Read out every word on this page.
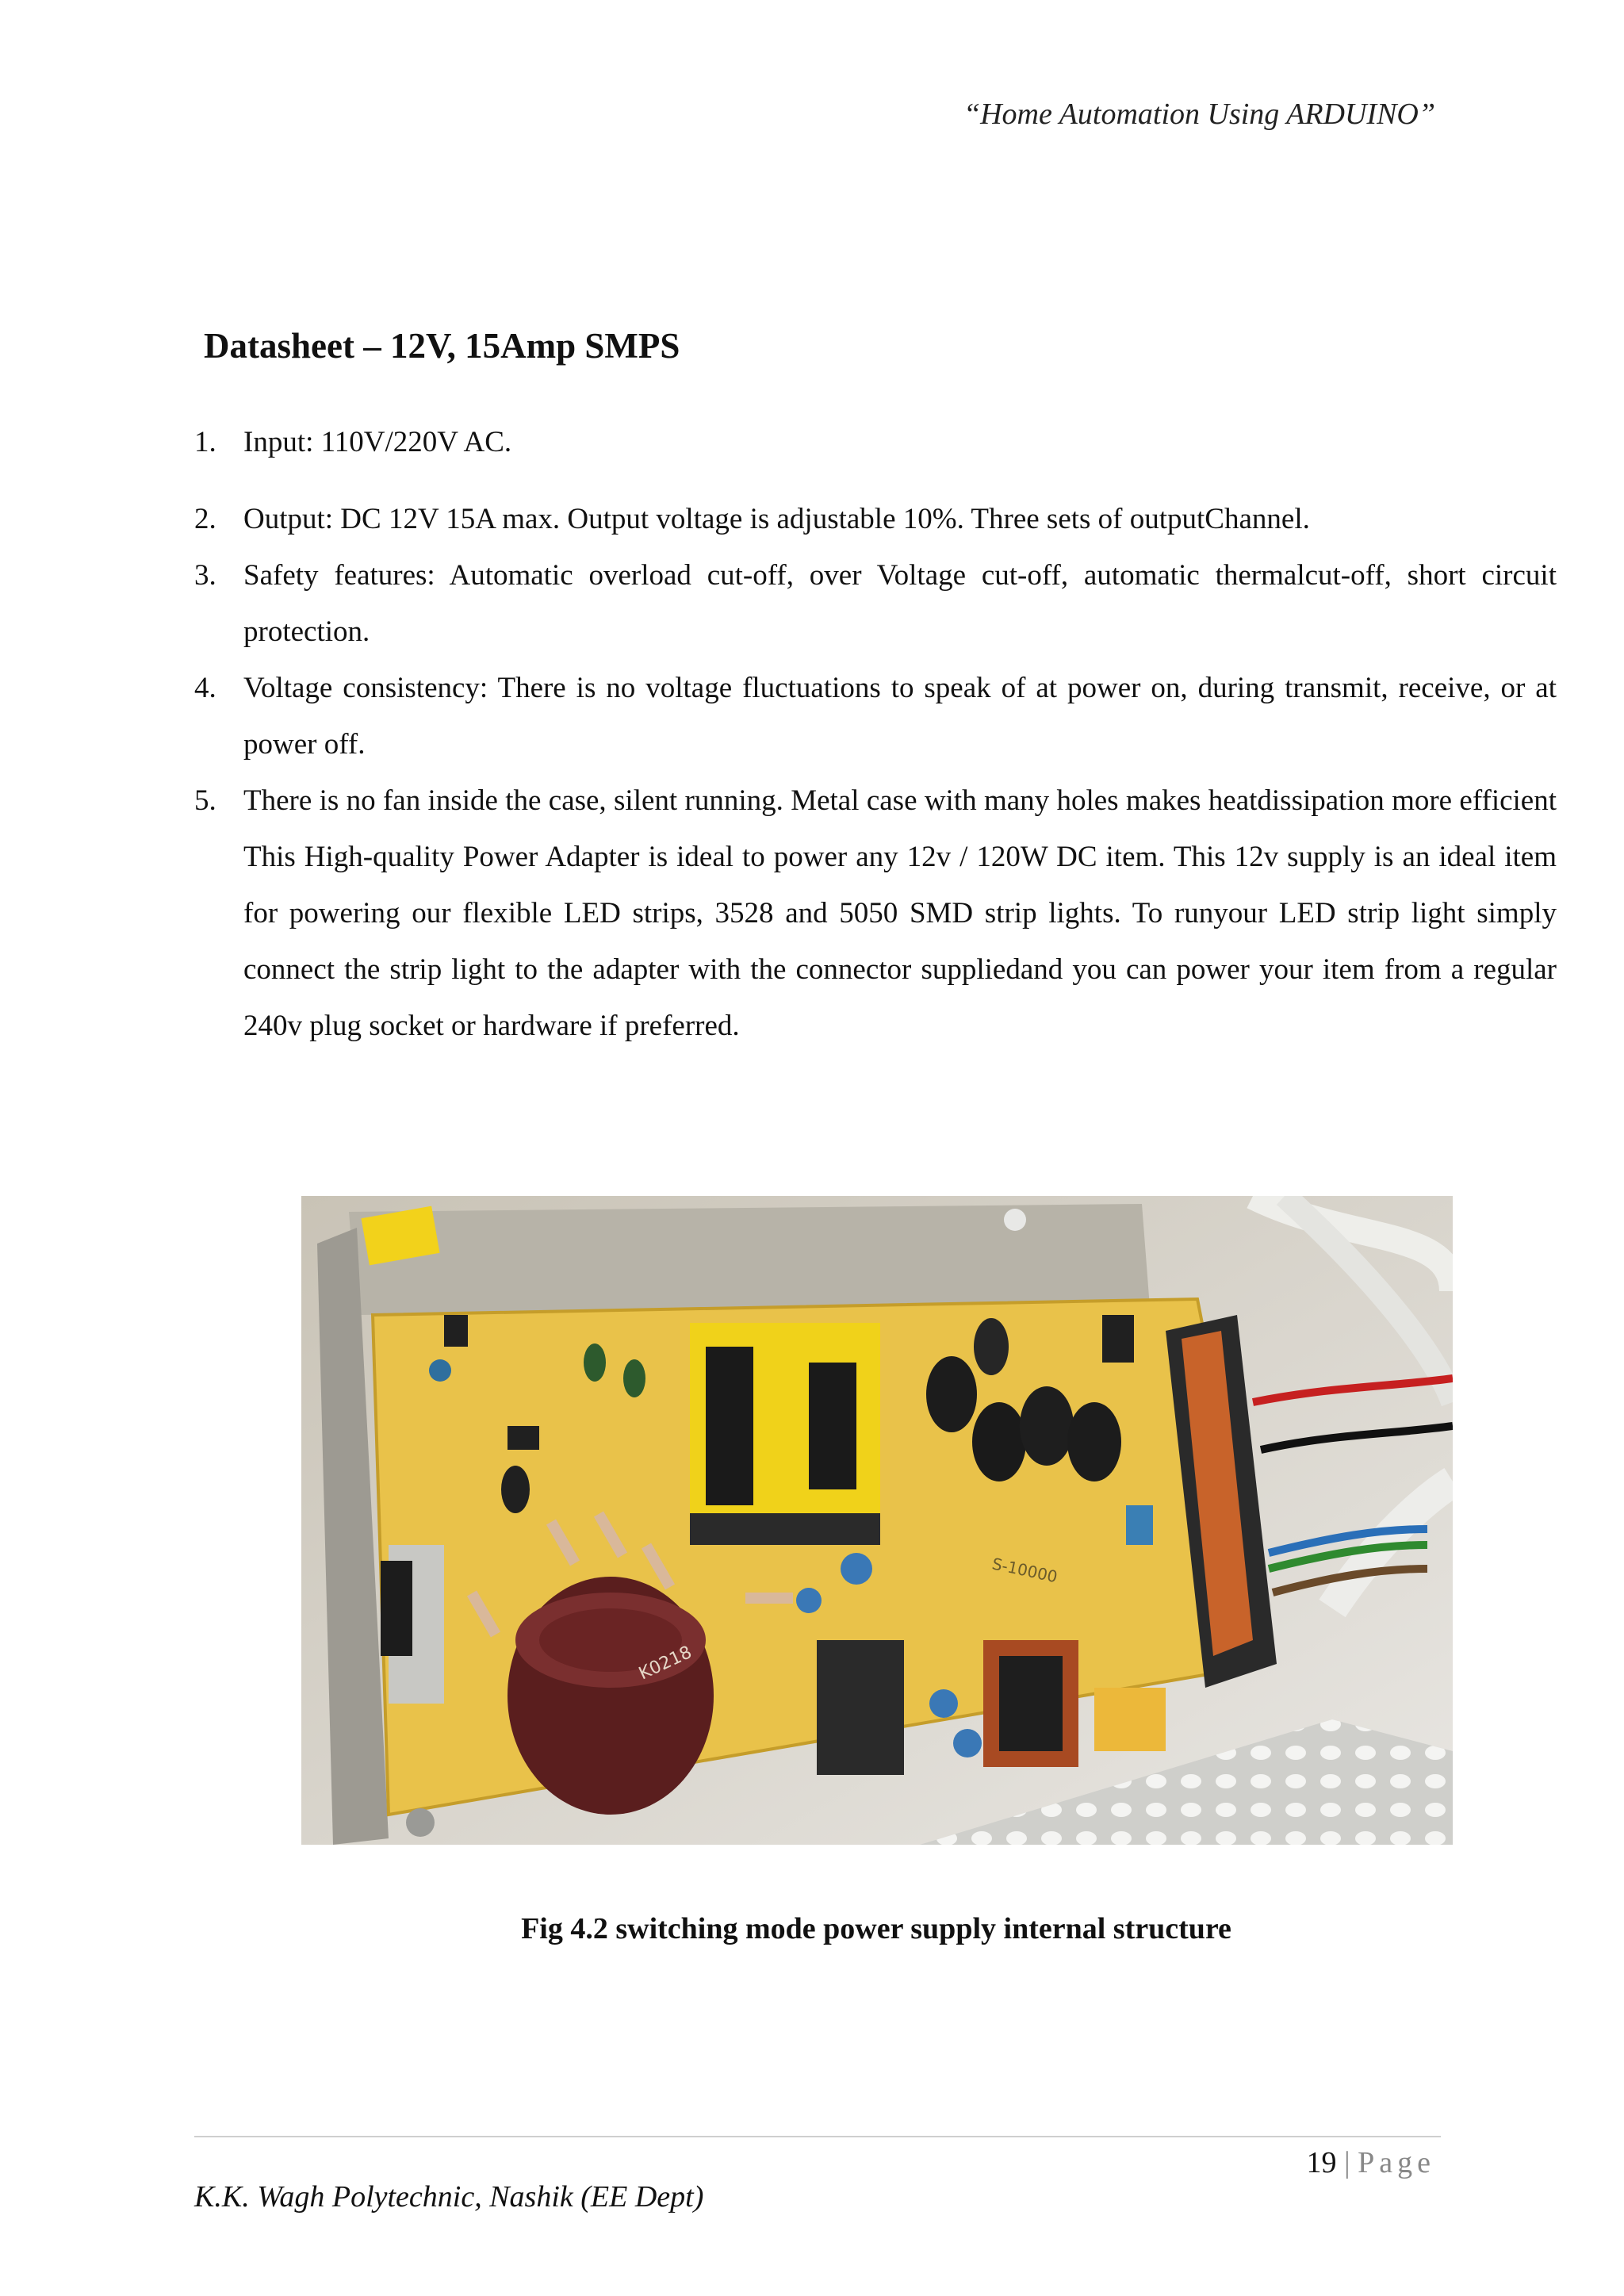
“Home Automation Using ARDUINO”
Datasheet – 12V, 15Amp SMPS
1. Input: 110V/220V AC.
2. Output: DC 12V 15A max. Output voltage is adjustable 10%. Three sets of outputChannel.
3. Safety features: Automatic overload cut-off, over Voltage cut-off, automatic thermalcut-off, short circuit protection.
4. Voltage consistency: There is no voltage fluctuations to speak of at power on, during transmit, receive, or at power off.
5. There is no fan inside the case, silent running. Metal case with many holes makes heatdissipation more efficient This High-quality Power Adapter is ideal to power any 12v / 120W DC item. This 12v supply is an ideal item for powering our flexible LED strips, 3528 and 5050 SMD strip lights. To runyour LED strip light simply connect the strip light to the adapter with the connector suppliedand you can power your item from a regular 240v plug socket or hardware if preferred.
K0218
S-10000
Fig 4.2 switching mode power supply internal structure
19 | Page
K.K. Wagh Polytechnic, Nashik (EE Dept)
